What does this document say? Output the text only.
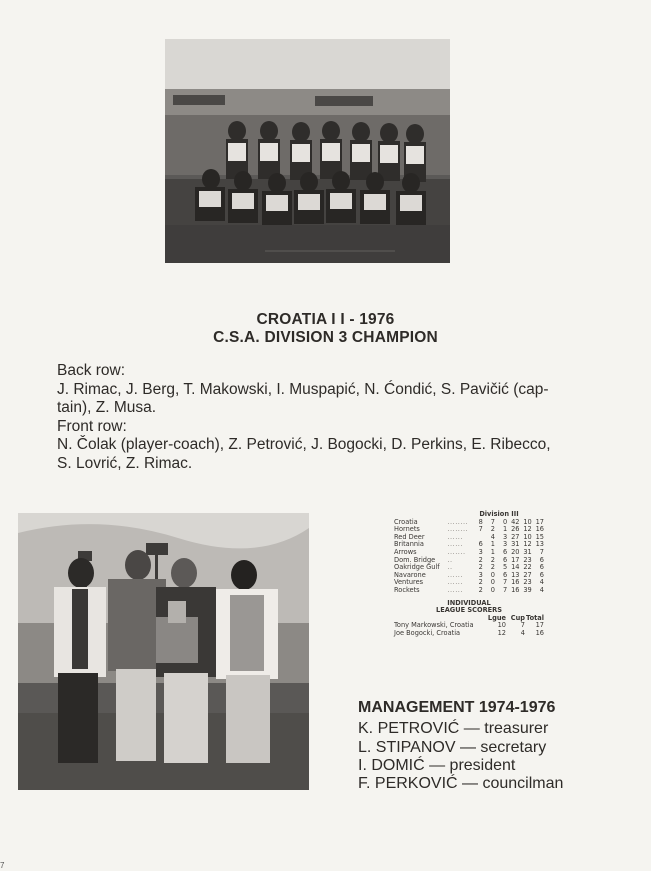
CROATIA I I - 1976
C.S.A. DIVISION 3 CHAMPION
Back row:
J. Rimac, J. Berg, T. Makowski, I. Muspapić, N. Ćondić, S. Pavičić (cap-
tain), Z. Musa.
Front row:
N. Čolak (player-coach), Z. Petrović, J. Bogocki, D. Perkins, E. Ribecco,
S. Lovrić, Z. Rimac.
Division III
Croatia	........	8	7	0	42	10	17
Hornets	........	7	2	1	26	12	16
Red Deer	......		4	3	27	10	15
Britannia	......	6	1	3	31	12	13
Arrows	.......	3	1	6	20	31	7
Dom. Bridge	..	2	2	6	17	23	6
Oakridge Gulf	..	2	2	5	14	22	6
Navarone	......	3	0	6	13	27	6
Ventures	......	2	0	7	16	23	4
Rockets	......	2	0	7	16	39	4
INDIVIDUAL
LEAGUE SCORERS
	Lgue	Cup	Total
Tony Markowski, Croatia	10	7	17
Joe Bogocki, Croatia	12	4	16
MANAGEMENT 1974-1976
K. PETROVIĆ — treasurer
L. STIPANOV — secretary
I. DOMIĆ — president
F. PERKOVIĆ — councilman
7
